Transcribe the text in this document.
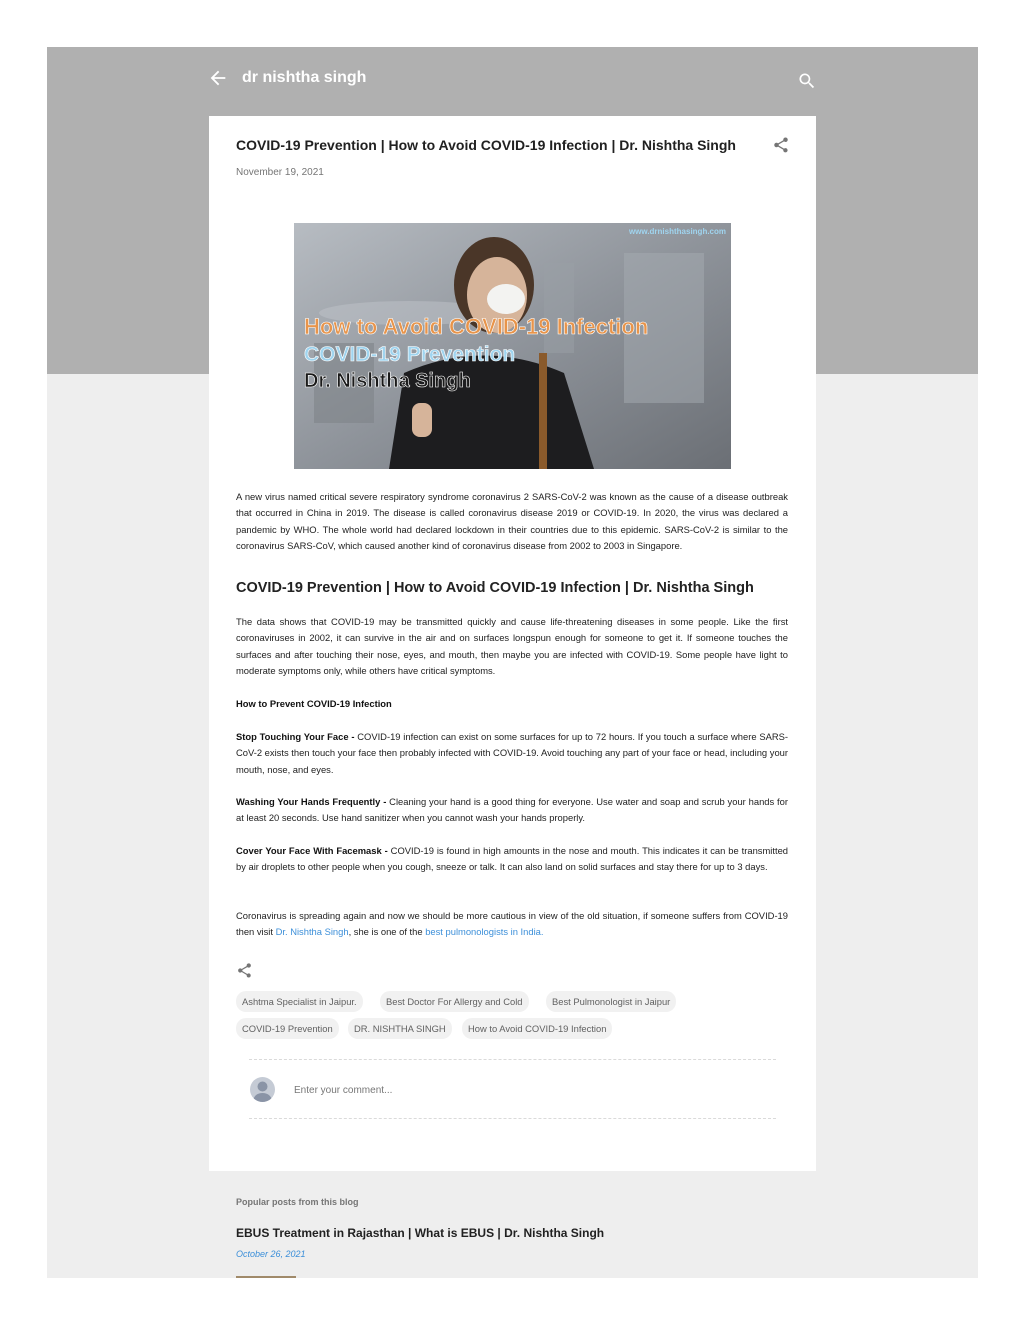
dr nishtha singh
COVID-19 Prevention | How to Avoid COVID-19 Infection | Dr. Nishtha Singh
November 19, 2021
www.drnishthasingh.com
How to Avoid COVID-19 Infection
COVID-19 Prevention
Dr. Nishtha Singh

A new virus named critical severe respiratory syndrome coronavirus 2 SARS-CoV-2 was known as the cause of a disease outbreak that occurred in China in 2019. The disease is called coronavirus disease 2019 or COVID-19. In 2020, the virus was declared a pandemic by WHO. The whole world had declared lockdown in their countries due to this epidemic. SARS-CoV-2 is similar to the coronavirus SARS-CoV, which caused another kind of coronavirus disease from 2002 to 2003 in Singapore.

COVID-19 Prevention | How to Avoid COVID-19 Infection | Dr. Nishtha Singh

The data shows that COVID-19 may be transmitted quickly and cause life-threatening diseases in some people. Like the first coronaviruses in 2002, it can survive in the air and on surfaces longspun enough for someone to get it. If someone touches the surfaces and after touching their nose, eyes, and mouth, then maybe you are infected with COVID-19. Some people have light to moderate symptoms only, while others have critical symptoms.

How to Prevent COVID-19 Infection

Stop Touching Your Face - COVID-19 infection can exist on some surfaces for up to 72 hours. If you touch a surface where SARS-CoV-2 exists then touch your face then probably infected with COVID-19. Avoid touching any part of your face or head, including your mouth, nose, and eyes.

Washing Your Hands Frequently - Cleaning your hand is a good thing for everyone. Use water and soap and scrub your hands for at least 20 seconds. Use hand sanitizer when you cannot wash your hands properly.

Cover Your Face With Facemask - COVID-19 is found in high amounts in the nose and mouth. This indicates it can be transmitted by air droplets to other people when you cough, sneeze or talk. It can also land on solid surfaces and stay there for up to 3 days.

Coronavirus is spreading again and now we should be more cautious in view of the old situation, if someone suffers from COVID-19 then visit Dr. Nishtha Singh, she is one of the best pulmonologists in India.

Ashtma Specialist in Jaipur.	Best Doctor For Allergy and Cold	Best Pulmonologist in Jaipur
COVID-19 Prevention	DR. NISHTHA SINGH	How to Avoid COVID-19 Infection
Enter your comment...
Popular posts from this blog
EBUS Treatment in Rajasthan | What is EBUS | Dr. Nishtha Singh
October 26, 2021
